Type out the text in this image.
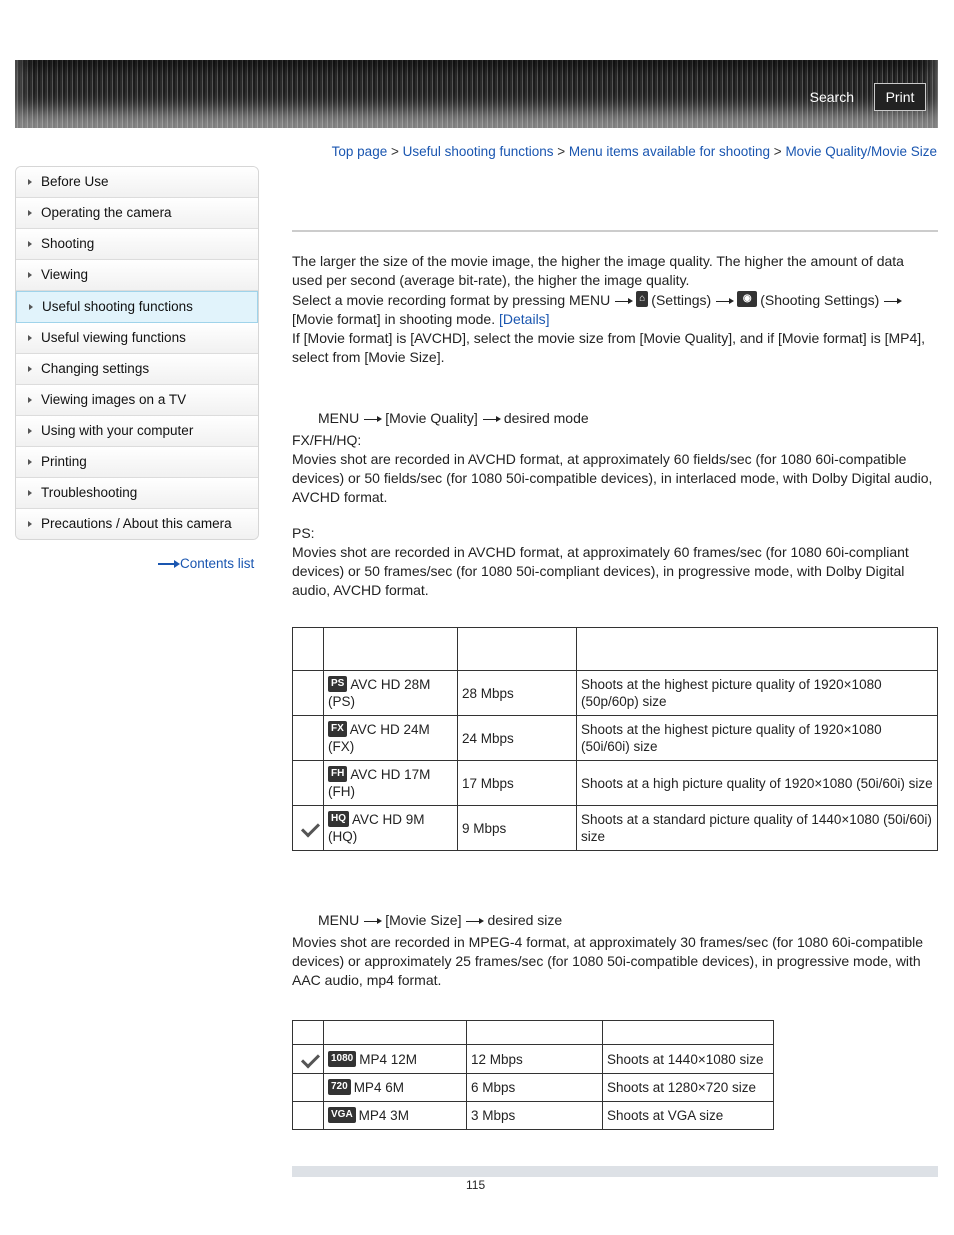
Search	Print
Top page > Useful shooting functions > Menu items available for shooting > Movie Quality/Movie Size
Before Use
Operating the camera
Shooting
Viewing
Useful shooting functions
Useful viewing functions
Changing settings
Viewing images on a TV
Using with your computer
Printing
Troubleshooting
Precautions / About this camera
Contents list

The larger the size of the movie image, the higher the image quality. The higher the amount of data used per second (average bit-rate), the higher the image quality.

Select a movie recording format by pressing MENU	⌂ (Settings)	◉ (Shooting Settings)
[Movie format] in shooting mode. [Details]

If [Movie format] is [AVCHD], select the movie size from [Movie Quality], and if [Movie format] is [MP4], select from [Movie Size].

MENU [Movie Quality] desired mode

FX/FH/HQ:

Movies shot are recorded in AVCHD format, at approximately 60 fields/sec (for 1080 60i-compatible devices) or 50 fields/sec (for 1080 50i-compatible devices), in interlaced mode, with Dolby Digital audio, AVCHD format.

PS:

Movies shot are recorded in AVCHD format, at approximately 60 frames/sec (for 1080 60i-compliant devices) or 50 frames/sec (for 1080 50i-compliant devices), in progressive mode, with Dolby Digital audio, AVCHD format.

	PS AVC HD 28M (PS)	28 Mbps	Shoots at the highest picture quality of 1920×1080 (50p/60p) size
	FX AVC HD 24M (FX)	24 Mbps	Shoots at the highest picture quality of 1920×1080 (50i/60i) size
	FH AVC HD 17M (FH)	17 Mbps	Shoots at a high picture quality of 1920×1080 (50i/60i) size
	HQ AVC HD 9M (HQ)	9 Mbps	Shoots at a standard picture quality of 1440×1080 (50i/60i) size

MENU [Movie Size] desired size

Movies shot are recorded in MPEG-4 format, at approximately 30 frames/sec (for 1080 60i-compatible devices) or approximately 25 frames/sec (for 1080 50i-compatible devices), in progressive mode, with AAC audio, mp4 format.

	1080 MP4 12M	12 Mbps	Shoots at 1440×1080 size
	720 MP4 6M	6 Mbps	Shoots at 1280×720 size
	VGA MP4 3M	3 Mbps	Shoots at VGA size
115
